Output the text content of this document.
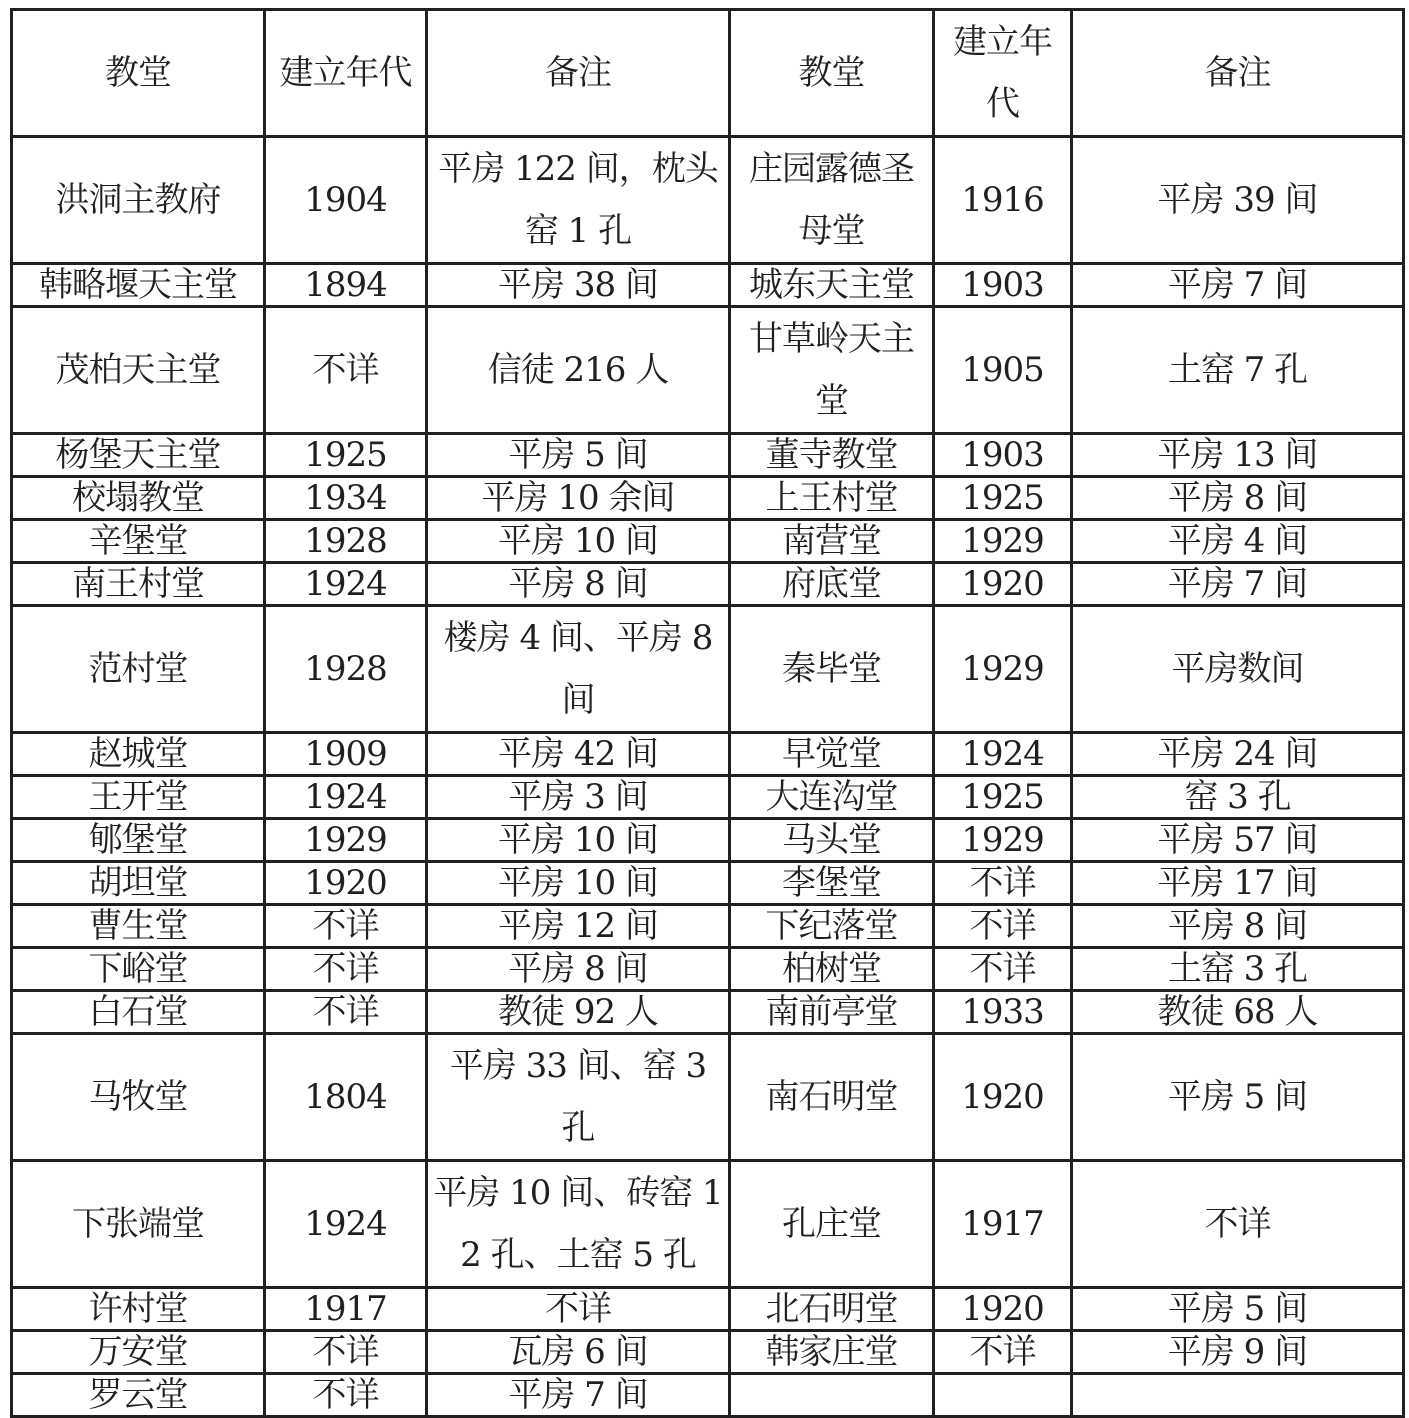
教堂	建立年代	备注	教堂	建立年代	备注
洪洞主教府	1904	平房 122 间，枕头窑 1 孔	庄园露德圣母堂	1916	平房 39 间
韩略堰天主堂	1894	平房 38 间	城东天主堂	1903	平房 7 间
茂柏天主堂	不详	信徒 216 人	甘草岭天主堂	1905	土窑 7 孔
杨堡天主堂	1925	平房 5 间	董寺教堂	1903	平房 13 间
校塌教堂	1934	平房 10 余间	上王村堂	1925	平房 8 间
辛堡堂	1928	平房 10 间	南营堂	1929	平房 4 间
南王村堂	1924	平房 8 间	府底堂	1920	平房 7 间
范村堂	1928	楼房 4 间、平房 8 间	秦毕堂	1929	平房数间
赵城堂	1909	平房 42 间	早觉堂	1924	平房 24 间
王开堂	1924	平房 3 间	大连沟堂	1925	窑 3 孔
郇堡堂	1929	平房 10 间	马头堂	1929	平房 57 间
胡坦堂	1920	平房 10 间	李堡堂	不详	平房 17 间
曹生堂	不详	平房 12 间	下纪落堂	不详	平房 8 间
下峪堂	不详	平房 8 间	柏树堂	不详	土窑 3 孔
白石堂	不详	教徒 92 人	南前亭堂	1933	教徒 68 人
马牧堂	1804	平房 33 间、窑 3 孔	南石明堂	1920	平房 5 间
下张端堂	1924	平房 10 间、砖窑 12 孔、土窑 5 孔	孔庄堂	1917	不详
许村堂	1917	不详	北石明堂	1920	平房 5 间
万安堂	不详	瓦房 6 间	韩家庄堂	不详	平房 9 间
罗云堂	不详	平房 7 间			
